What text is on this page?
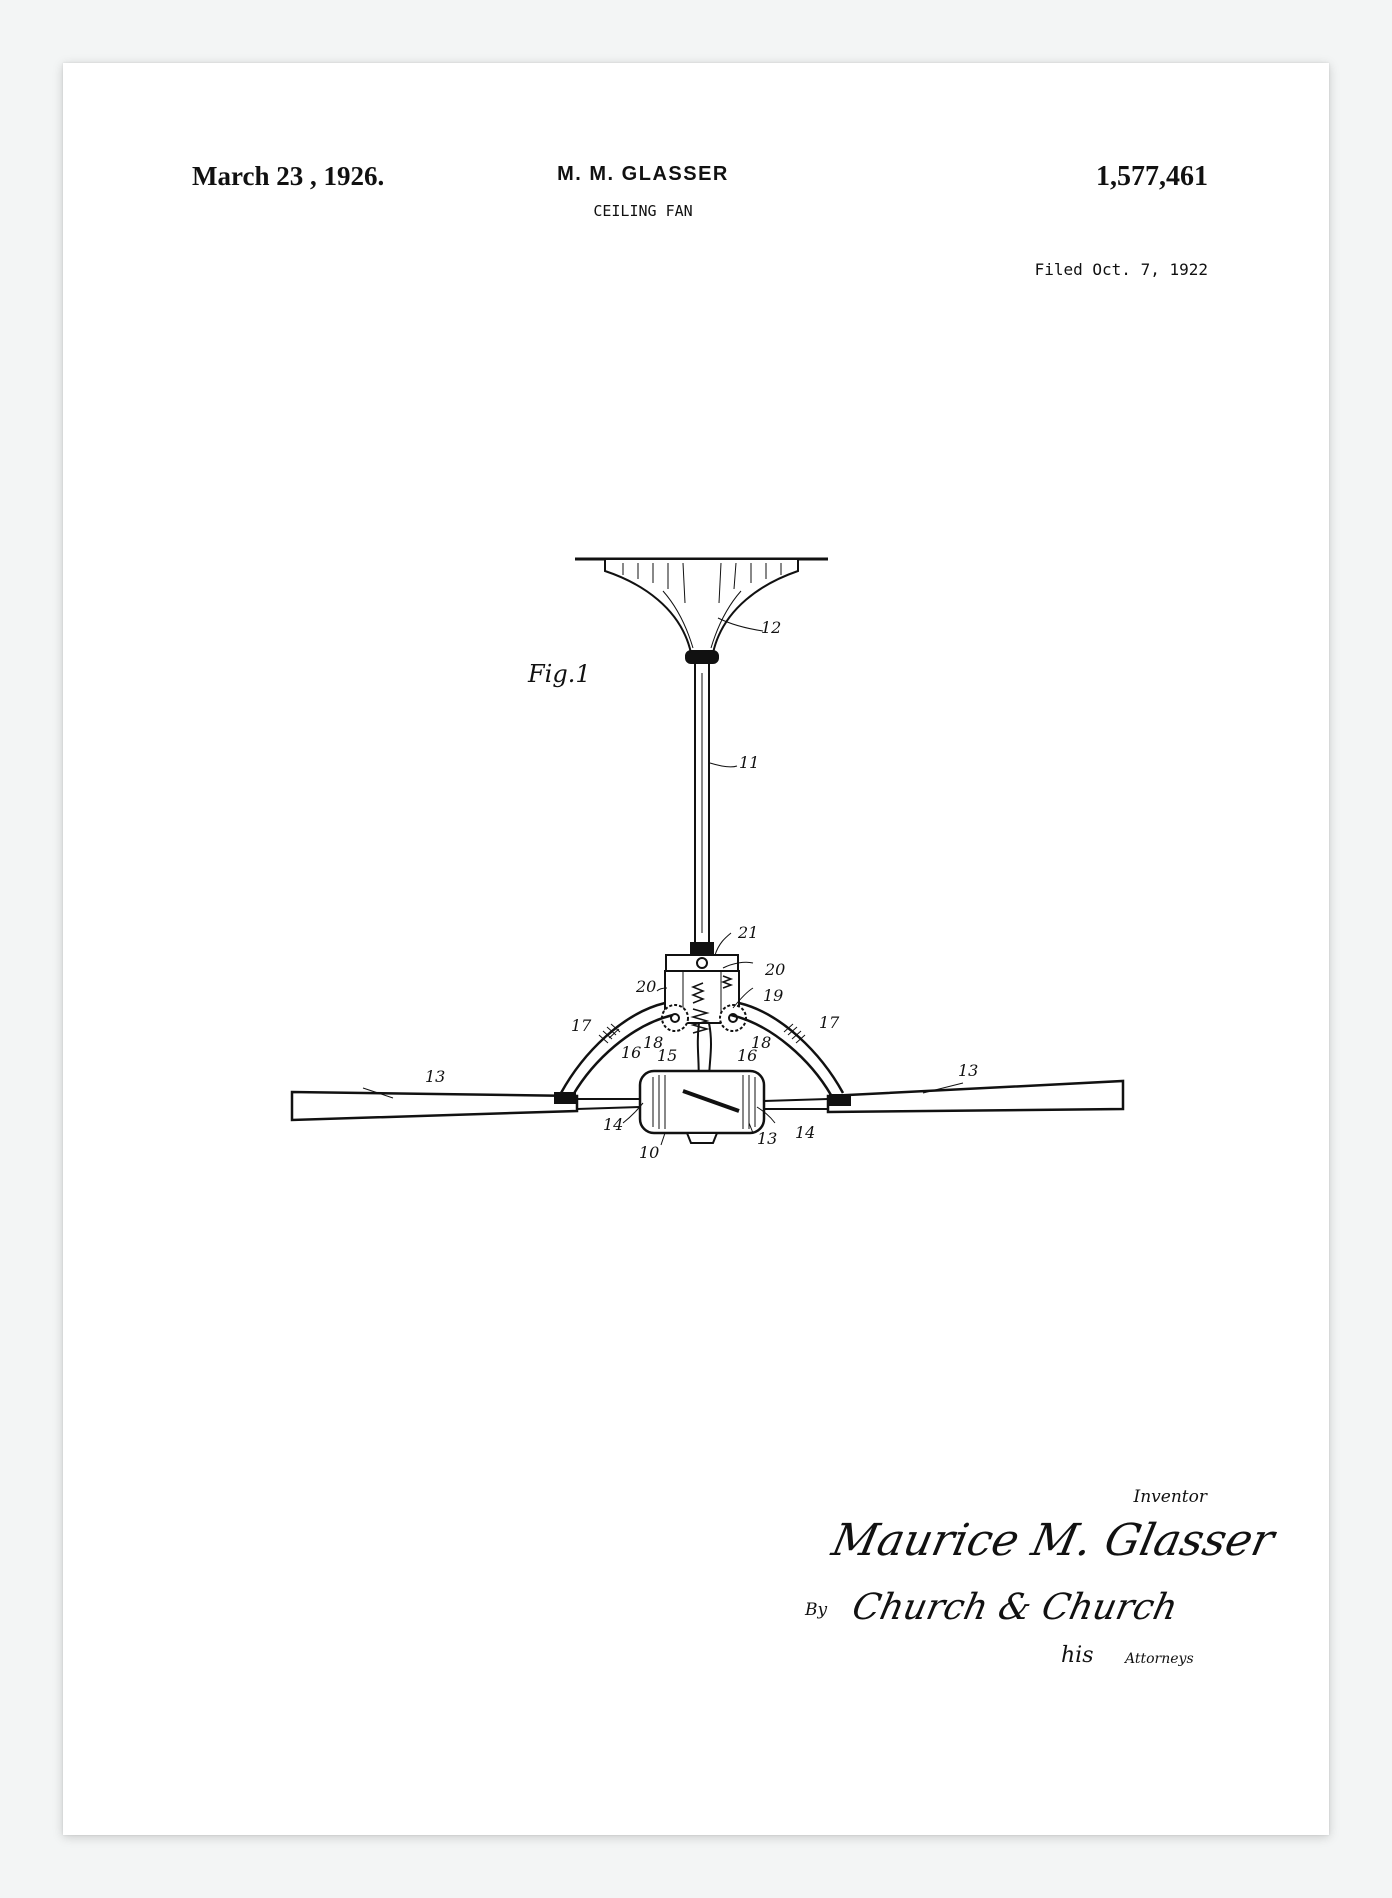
March 23 , 1926.	M. M. GLASSER
CEILING FAN
1,577,461
Filed Oct. 7, 1922
Fig.1
12
11
21
20
20
19
17	17
16
18
15
18
16
13	13
14
10
13 14
Inventor
Maurice M. Glasser
By Church & Church
his Attorneys
